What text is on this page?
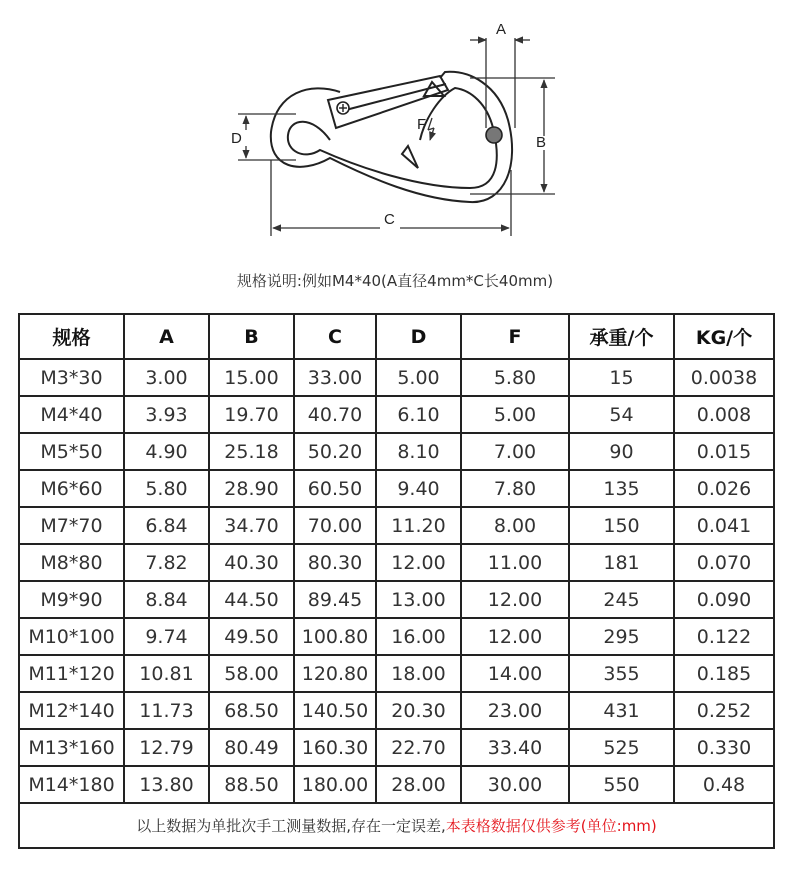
A
B
C
D
F
规格说明:例如M4*40(A直径4mm*C长40mm)
规格	A	B	C	D	F	承重/个	KG/个
M3*30	3.00	15.00	33.00	5.00	5.80	15	0.0038
M4*40	3.93	19.70	40.70	6.10	5.00	54	0.008
M5*50	4.90	25.18	50.20	8.10	7.00	90	0.015
M6*60	5.80	28.90	60.50	9.40	7.80	135	0.026
M7*70	6.84	34.70	70.00	11.20	8.00	150	0.041
M8*80	7.82	40.30	80.30	12.00	11.00	181	0.070
M9*90	8.84	44.50	89.45	13.00	12.00	245	0.090
M10*100	9.74	49.50	100.80	16.00	12.00	295	0.122
M11*120	10.81	58.00	120.80	18.00	14.00	355	0.185
M12*140	11.73	68.50	140.50	20.30	23.00	431	0.252
M13*160	12.79	80.49	160.30	22.70	33.40	525	0.330
M14*180	13.80	88.50	180.00	28.00	30.00	550	0.48
以上数据为单批次手工测量数据,存在一定误差,本表格数据仅供参考(单位:mm)							
